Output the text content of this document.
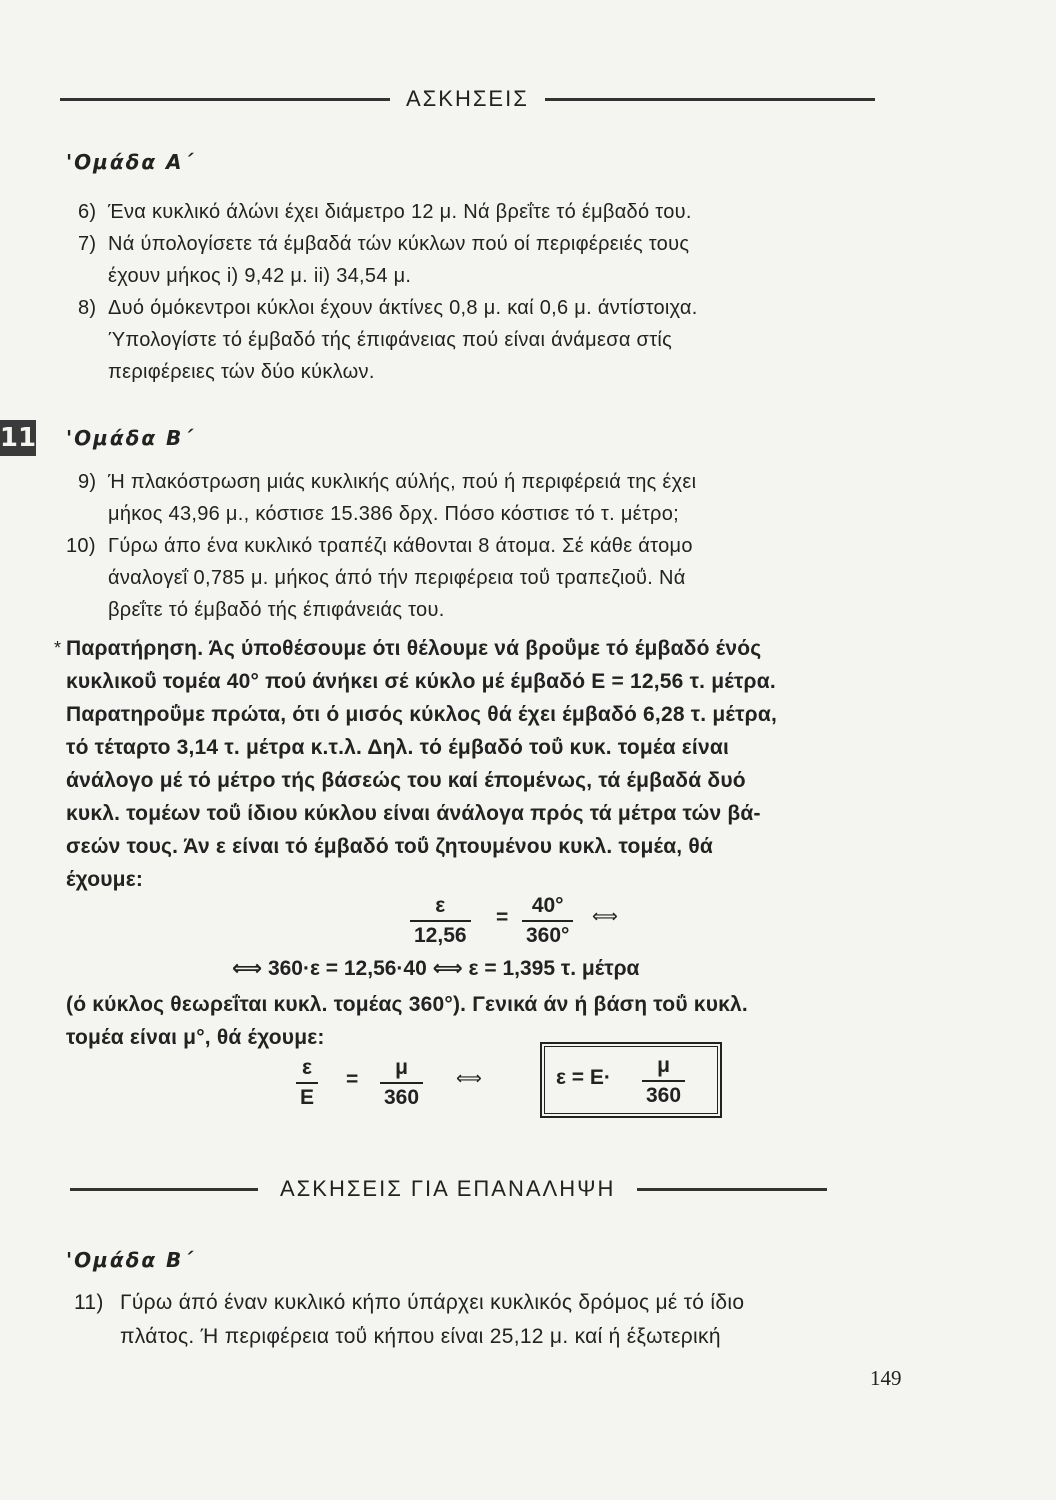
ΑΣΚΗΣΕΙΣ
'Ομάδα Α΄
6) Ένα κυκλικό άλώνι έχει διάμετρο 12 μ. Νά βρεΐτε τό έμβαδό του.
7) Νά ύπολογίσετε τά έμβαδά τών κύκλων πού οί περιφέρειές τους
έχουν μήκος i) 9,42 μ. ii) 34,54 μ.
8) Δυό όμόκεντροι κύκλοι έχουν άκτίνες 0,8 μ. καί 0,6 μ. άντίστοιχα.
Ύπολογίστε τό έμβαδό τής έπιφάνειας πού είναι άνάμεσα στίς
περιφέρειες τών δύο κύκλων.
11 'Ομάδα Β΄
9) Ή πλακόστρωση μιάς κυκλικής αύλής, πού ή περιφέρειά της έχει
μήκος 43,96 μ., κόστισε 15.386 δρχ. Πόσο κόστισε τό τ. μέτρο;
10) Γύρω άπο ένα κυκλικό τραπέζι κάθονται 8 άτομα. Σέ κάθε άτομο
άναλογεΐ 0,785 μ. μήκος άπό τήν περιφέρεια τοΰ τραπεζιοΰ. Νά
βρεΐτε τό έμβαδό τής έπιφάνειάς του.
* Παρατήρηση. Άς ύποθέσουμε ότι θέλουμε νά βροΰμε τό έμβαδό ένός
κυκλικοΰ τομέα 40° πού άνήκει σέ κύκλο μέ έμβαδό Ε = 12,56 τ. μέτρα.
Παρατηροΰμε πρώτα, ότι ό μισός κύκλος θά έχει έμβαδό 6,28 τ. μέτρα,
τό τέταρτο 3,14 τ. μέτρα κ.τ.λ. Δηλ. τό έμβαδό τοΰ κυκ. τομέα είναι
άνάλογο μέ τό μέτρο τής βάσεώς του καί έπομένως, τά έμβαδά δυό
κυκλ. τομέων τοΰ ίδιου κύκλου είναι άνάλογα πρός τά μέτρα τών βά-
σεών τους. Άν ε είναι τό έμβαδό τοΰ ζητουμένου κυκλ. τομέα, θά
έχουμε:
$\frac{\varepsilon}{12,56} = \frac{40^\circ}{360^\circ}$ ⟺
⟺ 360·ε = 12,56·40 ⟺ ε = 1,395 τ. μέτρα
(ό κύκλος θεωρεΐται κυκλ. τομέας 360°). Γενικά άν ή βάση τοΰ κυκλ.
τομέα είναι μ°, θά έχουμε:
$\frac{\varepsilon}{E} = \frac{\mu}{360}$ ⟺	$\varepsilon = E\cdot \frac{\mu}{360}$
ΑΣΚΗΣΕΙΣ ΓΙΑ ΕΠΑΝΑΛΗΨΗ
'Ομάδα Β΄
11) Γύρω άπό έναν κυκλικό κήπο ύπάρχει κυκλικός δρόμος μέ τό ίδιο
πλάτος. Ή περιφέρεια τοΰ κήπου είναι 25,12 μ. καί ή έξωτερική
149
